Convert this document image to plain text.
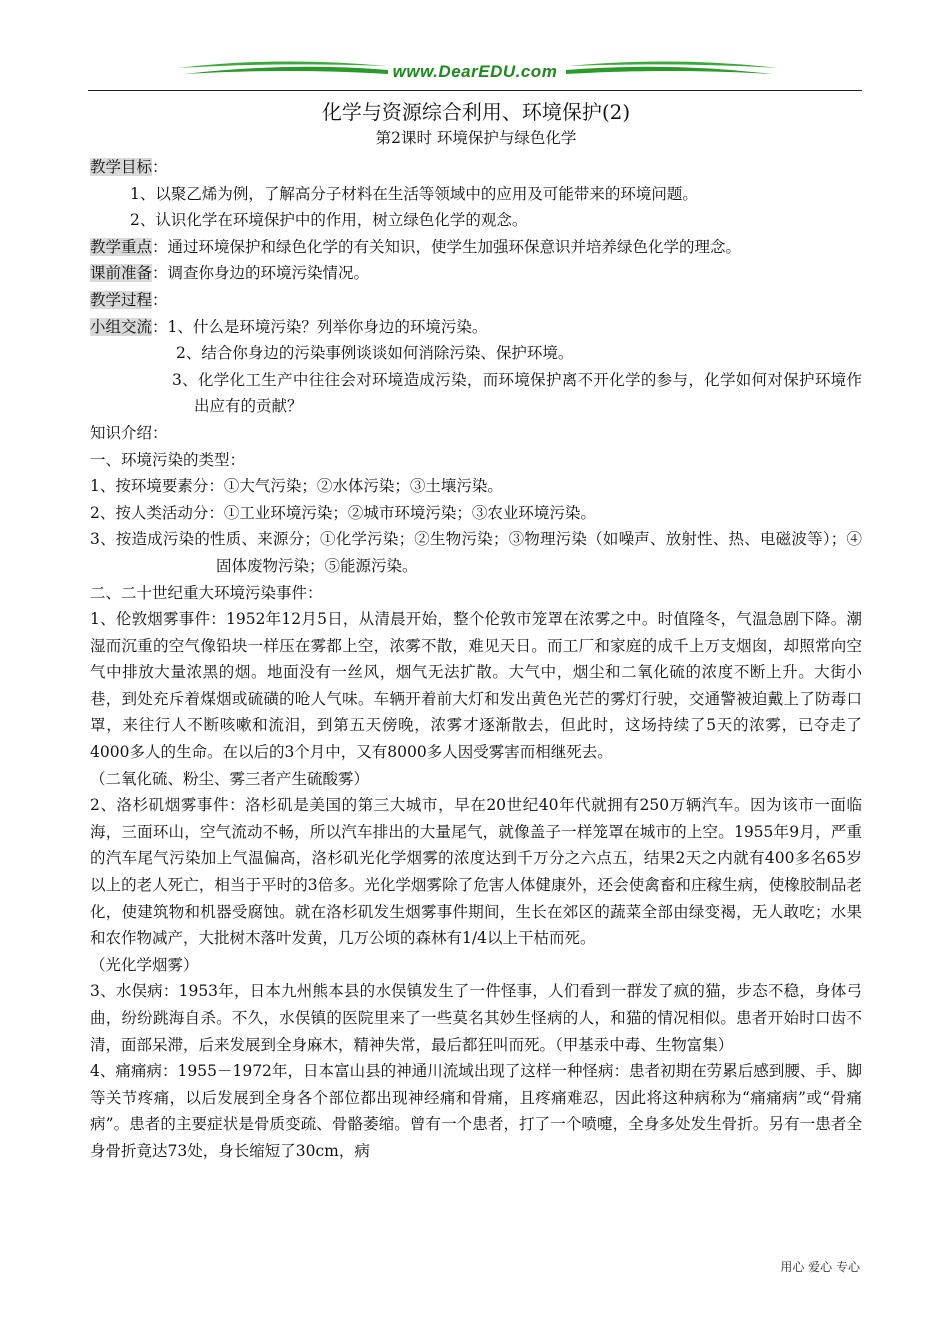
www.DearEDU.com

化学与资源综合利用、环境保护(2)

第2课时 环境保护与绿色化学

教学目标：

1、以聚乙烯为例，了解高分子材料在生活等领域中的应用及可能带来的环境问题。

2、认识化学在环境保护中的作用，树立绿色化学的观念。

教学重点：通过环境保护和绿色化学的有关知识，使学生加强环保意识并培养绿色化学的理念。

课前准备：调查你身边的环境污染情况。

教学过程：

小组交流：1、什么是环境污染？列举你身边的环境污染。

2、结合你身边的污染事例谈谈如何消除污染、保护环境。

3、化学化工生产中往往会对环境造成污染，而环境保护离不开化学的参与，化学如何对保护环境作出应有的贡献？

知识介绍：

一、环境污染的类型：

1、按环境要素分：①大气污染；②水体污染；③土壤污染。

2、按人类活动分：①工业环境污染；②城市环境污染；③农业环境污染。

3、按造成污染的性质、来源分；①化学污染；②生物污染；③物理污染（如噪声、放射性、热、电磁波等）；④固体废物污染；⑤能源污染。

二、二十世纪重大环境污染事件：

1、伦敦烟雾事件：1952年12月5日，从清晨开始，整个伦敦市笼罩在浓雾之中。时值隆冬，气温急剧下降。潮湿而沉重的空气像铅块一样压在雾都上空，浓雾不散，难见天日。而工厂和家庭的成千上万支烟囱，却照常向空气中排放大量浓黑的烟。地面没有一丝风，烟气无法扩散。大气中，烟尘和二氧化硫的浓度不断上升。大街小巷，到处充斥着煤烟或硫磺的呛人气味。车辆开着前大灯和发出黄色光芒的雾灯行驶，交通警被迫戴上了防毒口罩，来往行人不断咳嗽和流泪，到第五天傍晚，浓雾才逐渐散去，但此时，这场持续了5天的浓雾，已夺走了4000多人的生命。在以后的3个月中，又有8000多人因受雾害而相继死去。

（二氧化硫、粉尘、雾三者产生硫酸雾）

2、洛杉矶烟雾事件：洛杉矶是美国的第三大城市，早在20世纪40年代就拥有250万辆汽车。因为该市一面临海，三面环山，空气流动不畅，所以汽车排出的大量尾气，就像盖子一样笼罩在城市的上空。1955年9月，严重的汽车尾气污染加上气温偏高，洛杉矶光化学烟雾的浓度达到千万分之六点五，结果2天之内就有400多名65岁以上的老人死亡，相当于平时的3倍多。光化学烟雾除了危害人体健康外，还会使禽畜和庄稼生病，使橡胶制品老化，使建筑物和机器受腐蚀。就在洛杉矶发生烟雾事件期间，生长在郊区的蔬菜全部由绿变褐，无人敢吃；水果和农作物减产，大批树木落叶发黄，几万公顷的森林有1/4以上干枯而死。

（光化学烟雾）

3、水俣病：1953年，日本九州熊本县的水俣镇发生了一件怪事，人们看到一群发了疯的猫，步态不稳，身体弓曲，纷纷跳海自杀。不久，水俣镇的医院里来了一些莫名其妙生怪病的人，和猫的情况相似。患者开始时口齿不清，面部呆滞，后来发展到全身麻木，精神失常，最后都狂叫而死。（甲基汞中毒、生物富集）

4、痛痛病：1955－1972年，日本富山县的神通川流域出现了这样一种怪病：患者初期在劳累后感到腰、手、脚等关节疼痛，以后发展到全身各个部位都出现神经痛和骨痛，且疼痛难忍，因此将这种病称为“痛痛病”或“骨痛病”。患者的主要症状是骨质变疏、骨骼萎缩。曾有一个患者，打了一个喷嚏，全身多处发生骨折。另有一患者全身骨折竟达73处，身长缩短了30cm，病

用心 爱心 专心
